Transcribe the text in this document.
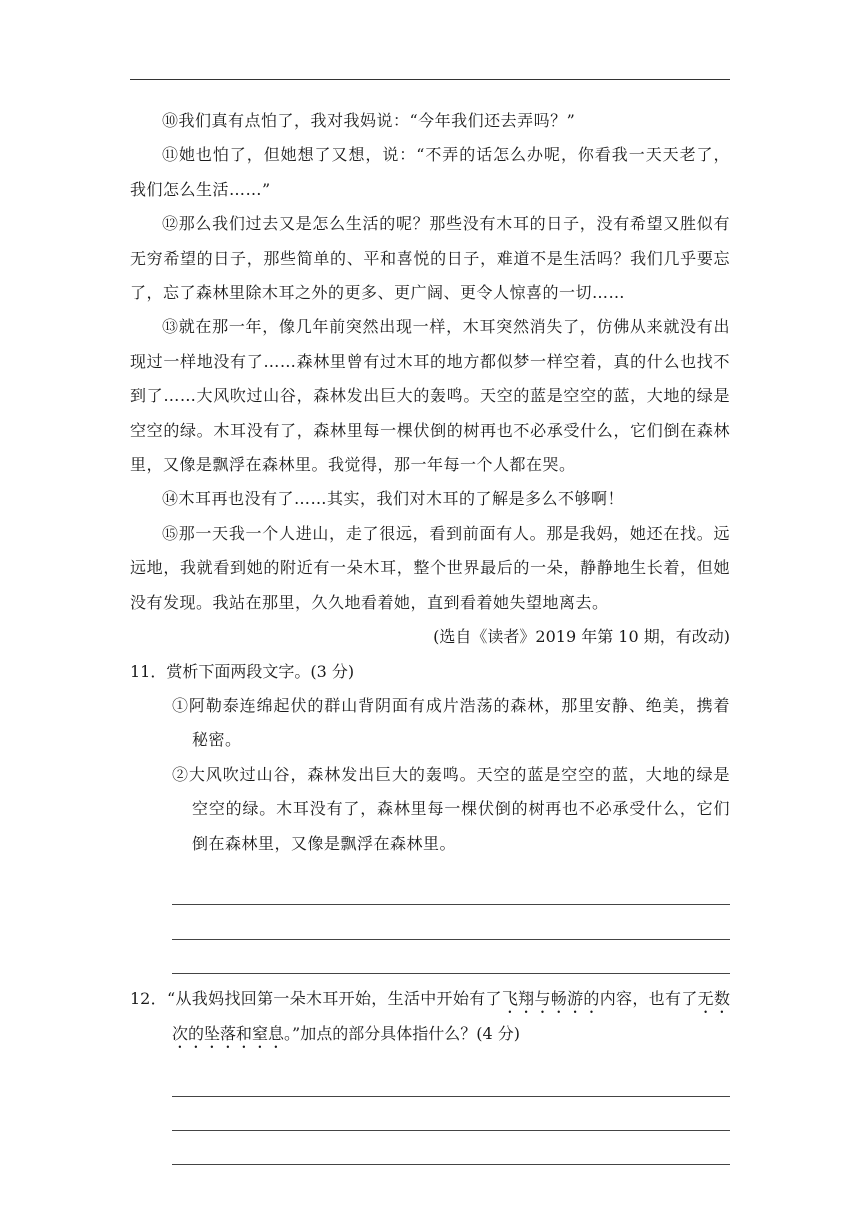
⑩我们真有点怕了，我对我妈说：“今年我们还去弄吗？”

⑪她也怕了，但她想了又想，说：“不弄的话怎么办呢，你看我一天天老了，我们怎么生活……”

⑫那么我们过去又是怎么生活的呢？那些没有木耳的日子，没有希望又胜似有无穷希望的日子，那些简单的、平和喜悦的日子，难道不是生活吗？我们几乎要忘了，忘了森林里除木耳之外的更多、更广阔、更令人惊喜的一切……

⑬就在那一年，像几年前突然出现一样，木耳突然消失了，仿佛从来就没有出现过一样地没有了……森林里曾有过木耳的地方都似梦一样空着，真的什么也找不到了……大风吹过山谷，森林发出巨大的轰鸣。天空的蓝是空空的蓝，大地的绿是空空的绿。木耳没有了，森林里每一棵伏倒的树再也不必承受什么，它们倒在森林里，又像是飘浮在森林里。我觉得，那一年每一个人都在哭。

⑭木耳再也没有了……其实，我们对木耳的了解是多么不够啊！

⑮那一天我一个人进山，走了很远，看到前面有人。那是我妈，她还在找。远远地，我就看到她的附近有一朵木耳，整个世界最后的一朵，静静地生长着，但她没有发现。我站在那里，久久地看着她，直到看着她失望地离去。

(选自《读者》2019 年第 10 期，有改动)

11．赏析下面两段文字。(3 分)

①阿勒泰连绵起伏的群山背阴面有成片浩荡的森林，那里安静、绝美，携着秘密。

②大风吹过山谷，森林发出巨大的轰鸣。天空的蓝是空空的蓝，大地的绿是空空的绿。木耳没有了，森林里每一棵伏倒的树再也不必承受什么，它们倒在森林里，又像是飘浮在森林里。

12．“从我妈找回第一朵木耳开始，生活中开始有了飞翔与畅游的内容，也有了无数次的坠落和窒息。”加点的部分具体指什么？(4 分)
